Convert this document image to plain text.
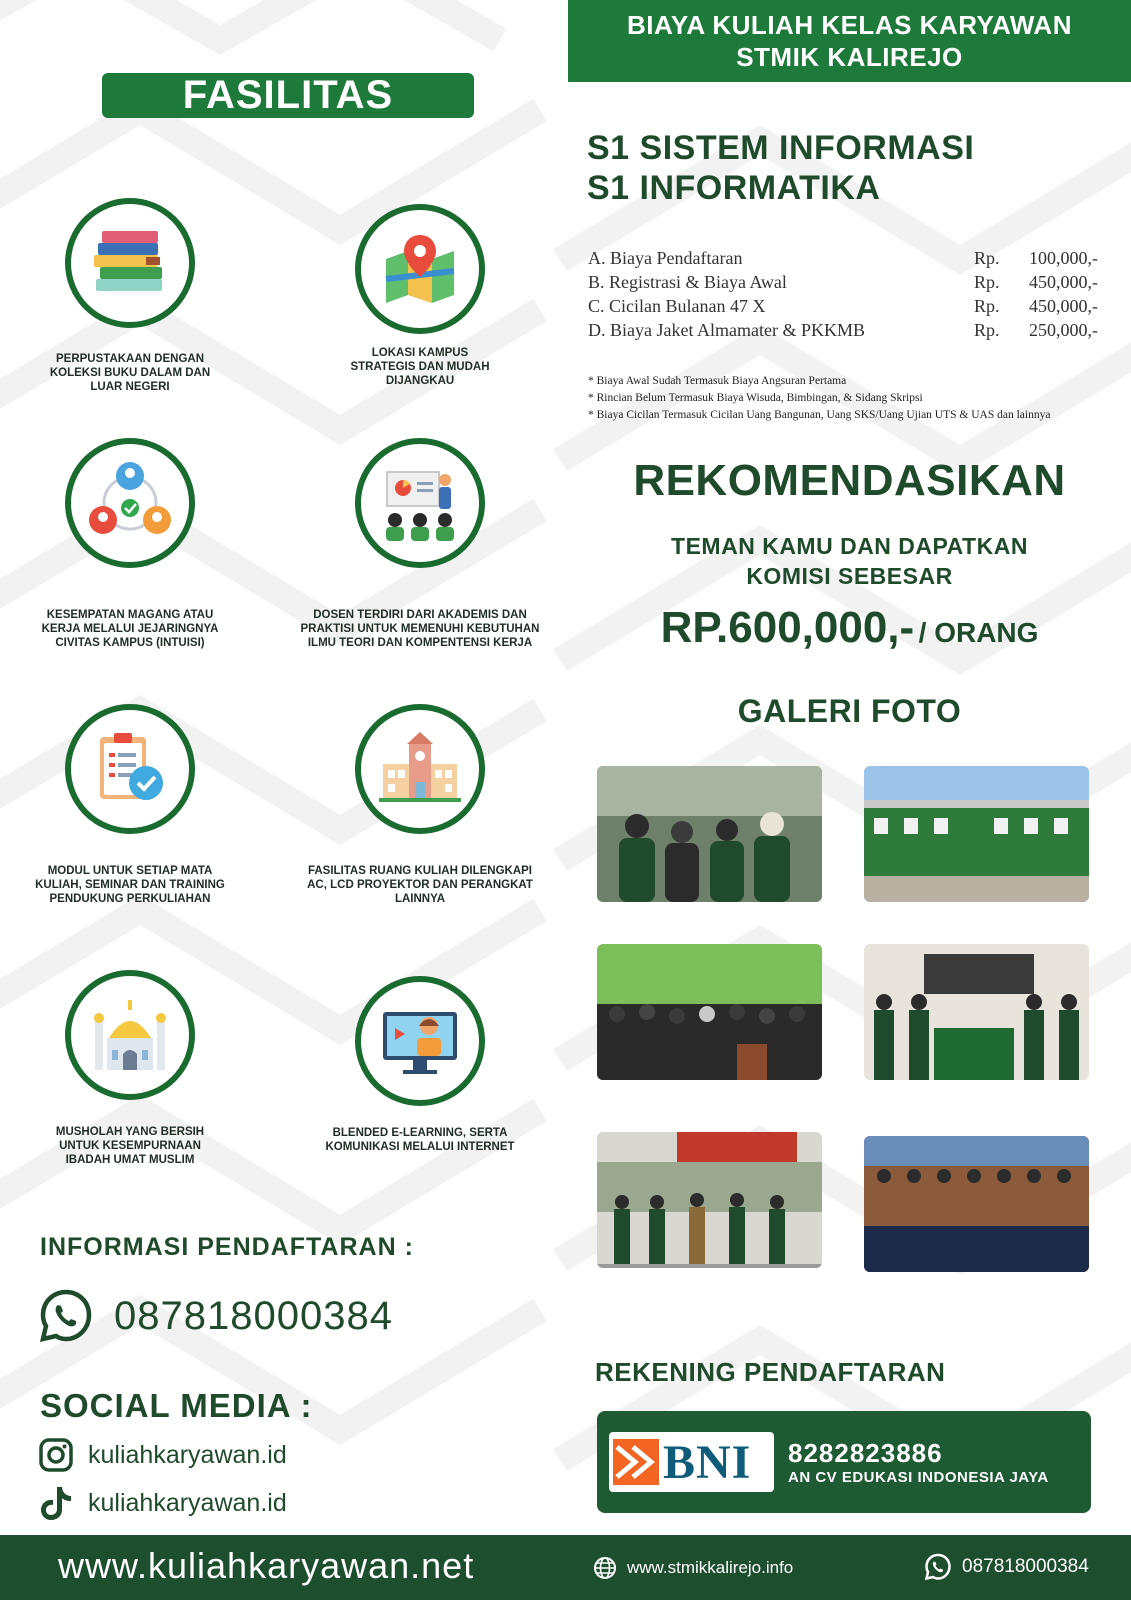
BIAYA KULIAH KELAS KARYAWAN
STMIK KALIREJO
FASILITAS
PERPUSTAKAAN DENGAN KOLEKSI BUKU DALAM DAN LUAR NEGERI
KESEMPATAN MAGANG ATAU KERJA MELALUI JEJARINGNYA CIVITAS KAMPUS (INTUISI)
MODUL UNTUK SETIAP MATA KULIAH, SEMINAR DAN TRAINING PENDUKUNG PERKULIAHAN
MUSHOLAH YANG BERSIH UNTUK KESEMPURNAAN IBADAH UMAT MUSLIM
LOKASI KAMPUS STRATEGIS DAN MUDAH DIJANGKAU
DOSEN TERDIRI DARI AKADEMIS DAN PRAKTISI UNTUK MEMENUHI KEBUTUHAN ILMU TEORI DAN KOMPENTENSI KERJA
FASILITAS RUANG KULIAH DILENGKAPI AC, LCD PROYEKTOR DAN PERANGKAT LAINNYA
BLENDED E-LEARNING, SERTA KOMUNIKASI MELALUI INTERNET
S1 SISTEM INFORMASI
S1 INFORMATIKA
A. Biaya Pendaftaran	Rp.	100,000,-
B. Registrasi & Biaya Awal	Rp.	450,000,-
C. Cicilan Bulanan 47 X	Rp.	450,000,-
D. Biaya Jaket Almamater & PKKMB	Rp.	250,000,-
* Biaya Awal Sudah Termasuk Biaya Angsuran Pertama
* Rincian Belum Termasuk Biaya Wisuda, Bimbingan, & Sidang Skripsi
* Biaya Cicilan Termasuk Cicilan Uang Bangunan, Uang SKS/Uang Ujian UTS & UAS dan lainnya
REKOMENDASIKAN
TEMAN KAMU DAN DAPATKAN
KOMISI SEBESAR
RP.600,000,- / ORANG
GALERI FOTO
INFORMASI PENDAFTARAN :
087818000384
SOCIAL MEDIA :
kuliahkaryawan.id
kuliahkaryawan.id
REKENING PENDAFTARAN
BNI 8282823886
AN CV EDUKASI INDONESIA JAYA
www.kuliahkaryawan.net	www.stmikkalirejo.info	087818000384
